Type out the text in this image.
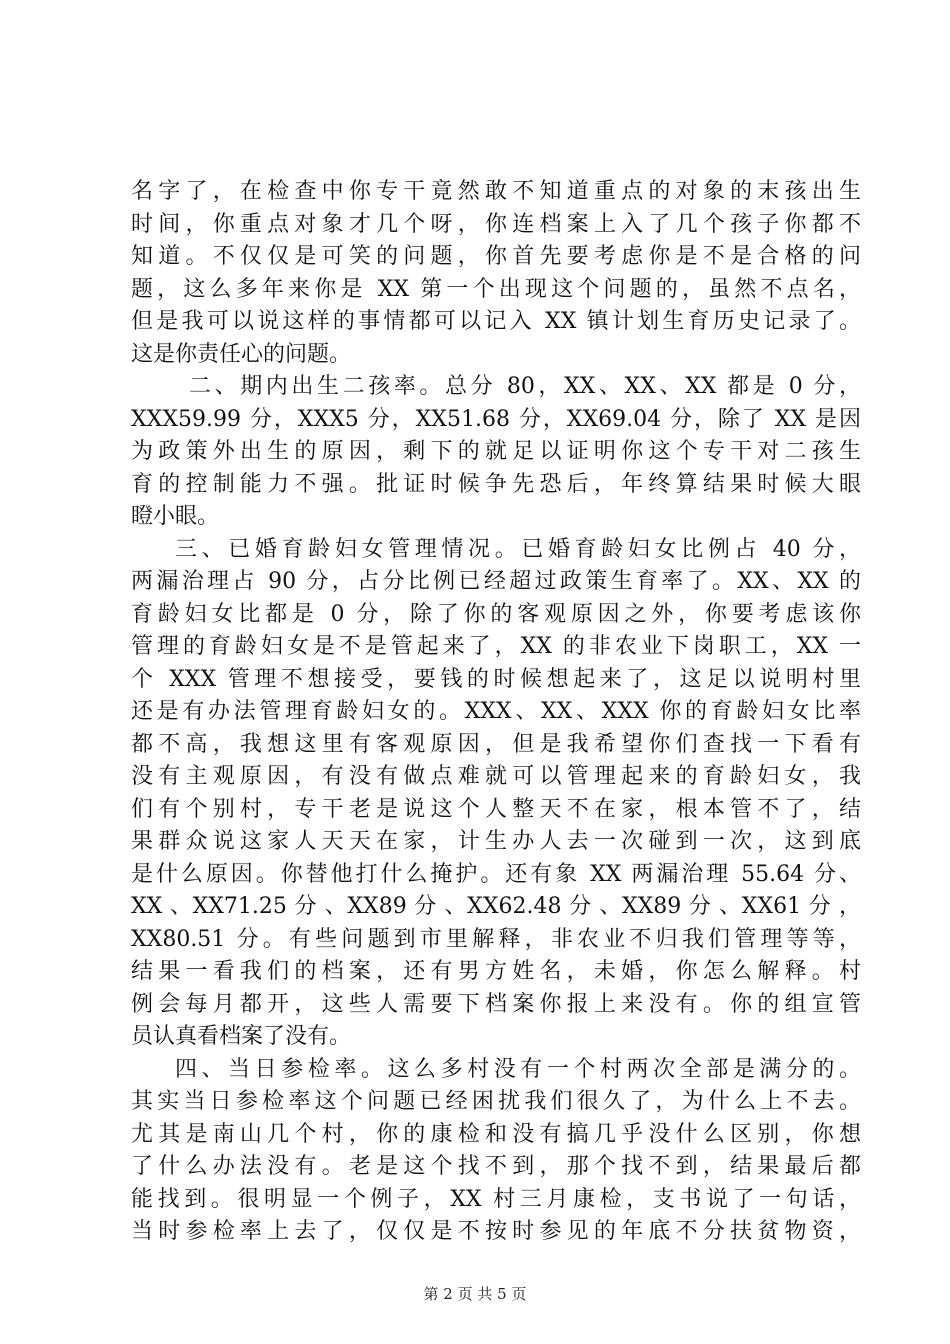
名字了，在检查中你专干竟然敢不知道重点的对象的末孩出生
时间，你重点对象才几个呀，你连档案上入了几个孩子你都不
知道。不仅仅是可笑的问题，你首先要考虑你是不是合格的问
题，这么多年来你是 XX 第一个出现这个问题的，虽然不点名，
但是我可以说这样的事情都可以记入 XX 镇计划生育历史记录了。
这是你责任心的问题。
二、期内出生二孩率。总分 80，XX、XX、XX 都是 0 分，
XXX59.99 分，XXX5 分，XX51.68 分，XX69.04 分，除了 XX 是因
为政策外出生的原因，剩下的就足以证明你这个专干对二孩生
育的控制能力不强。批证时候争先恐后，年终算结果时候大眼
瞪小眼。
三、已婚育龄妇女管理情况。已婚育龄妇女比例占 40 分，
两漏治理占 90 分，占分比例已经超过政策生育率了。XX、XX 的
育龄妇女比都是 0 分，除了你的客观原因之外，你要考虑该你
管理的育龄妇女是不是管起来了，XX 的非农业下岗职工，XX 一
个 XXX 管理不想接受，要钱的时候想起来了，这足以说明村里
还是有办法管理育龄妇女的。XXX、XX、XXX 你的育龄妇女比率
都不高，我想这里有客观原因，但是我希望你们查找一下看有
没有主观原因，有没有做点难就可以管理起来的育龄妇女，我
们有个别村，专干老是说这个人整天不在家，根本管不了，结
果群众说这家人天天在家，计生办人去一次碰到一次，这到底
是什么原因。你替他打什么掩护。还有象 XX 两漏治理 55.64 分、
XX 、XX71.25 分 、XX89 分 、XX62.48 分 、XX89 分 、XX61 分 ，
XX80.51 分。有些问题到市里解释，非农业不归我们管理等等，
结果一看我们的档案，还有男方姓名，未婚，你怎么解释。村
例会每月都开，这些人需要下档案你报上来没有。你的组宣管
员认真看档案了没有。
四、当日参检率。这么多村没有一个村两次全部是满分的。
其实当日参检率这个问题已经困扰我们很久了，为什么上不去。
尤其是南山几个村，你的康检和没有搞几乎没什么区别，你想
了什么办法没有。老是这个找不到，那个找不到，结果最后都
能找到。很明显一个例子，XX 村三月康检，支书说了一句话，
当时参检率上去了，仅仅是不按时参见的年底不分扶贫物资，
第 2 页 共 5 页
